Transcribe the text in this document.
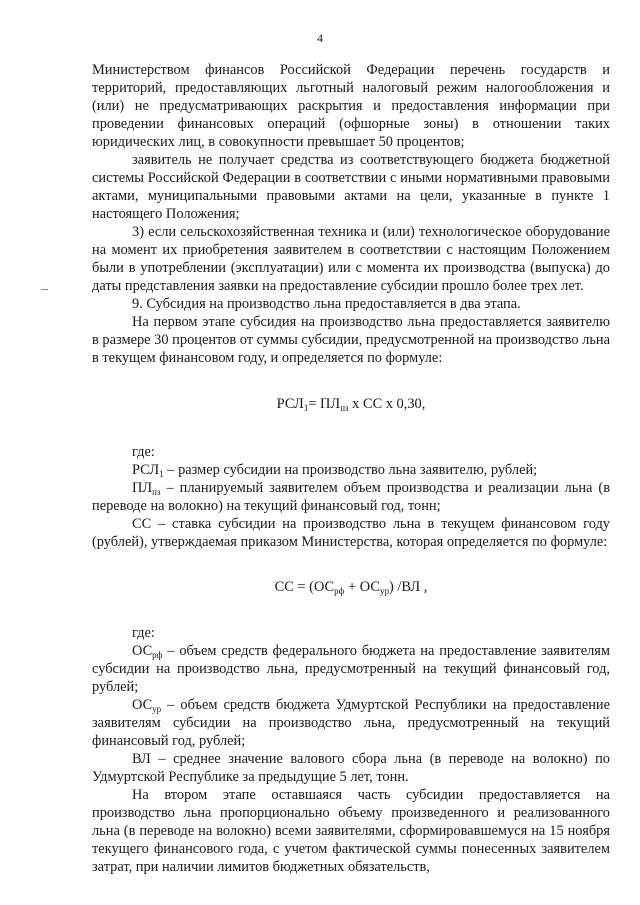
4

Министерством финансов Российской Федерации перечень государств и территорий, предоставляющих льготный налоговый режим налогообложения и (или) не предусматривающих раскрытия и предоставления информации при проведении финансовых операций (офшорные зоны) в отношении таких юридических лиц, в совокупности превышает 50 процентов;

заявитель не получает средства из соответствующего бюджета бюджетной системы Российской Федерации в соответствии с иными нормативными правовыми актами, муниципальными правовыми актами на цели, указанные в пункте 1 настоящего Положения;

3) если сельскохозяйственная техника и (или) технологическое оборудование на момент их приобретения заявителем в соответствии с настоящим Положением были в употреблении (эксплуатации) или с момента их производства (выпуска) до даты представления заявки на предоставление субсидии прошло более трех лет.

9. Субсидия на производство льна предоставляется в два этапа.

На первом этапе субсидия на производство льна предоставляется заявителю в размере 30 процентов от суммы субсидии, предусмотренной на производство льна в текущем финансовом году, и определяется по формуле:

$РСЛ_1= ПЛ_{пз}$ х СС х 0,30,

где:

$РСЛ_1$ – размер субсидии на производство льна заявителю, рублей;

$ПЛ_{пз}$ – планируемый заявителем объем производства и реализации льна (в переводе на волокно) на текущий финансовый год, тонн;

СС – ставка субсидии на производство льна в текущем финансовом году (рублей), утверждаемая приказом Министерства, которая определяется по формуле:

СС = $(ОС_{рф} + ОС_{ур})$ /ВЛ ,

где:

$ОС_{рф}$ – объем средств федерального бюджета на предоставление заявителям субсидии на производство льна, предусмотренный на текущий финансовый год, рублей;

$ОС_{ур}$ – объем средств бюджета Удмуртской Республики на предоставление заявителям субсидии на производство льна, предусмотренный на текущий финансовый год, рублей;

ВЛ – среднее значение валового сбора льна (в переводе на волокно) по Удмуртской Республике за предыдущие 5 лет, тонн.

На втором этапе оставшаяся часть субсидии предоставляется на производство льна пропорционально объему произведенного и реализованного льна (в переводе на волокно) всеми заявителями, сформировавшемуся на 15 ноября текущего финансового года, с учетом фактической суммы понесенных заявителем затрат, при наличии лимитов бюджетных обязательств,
